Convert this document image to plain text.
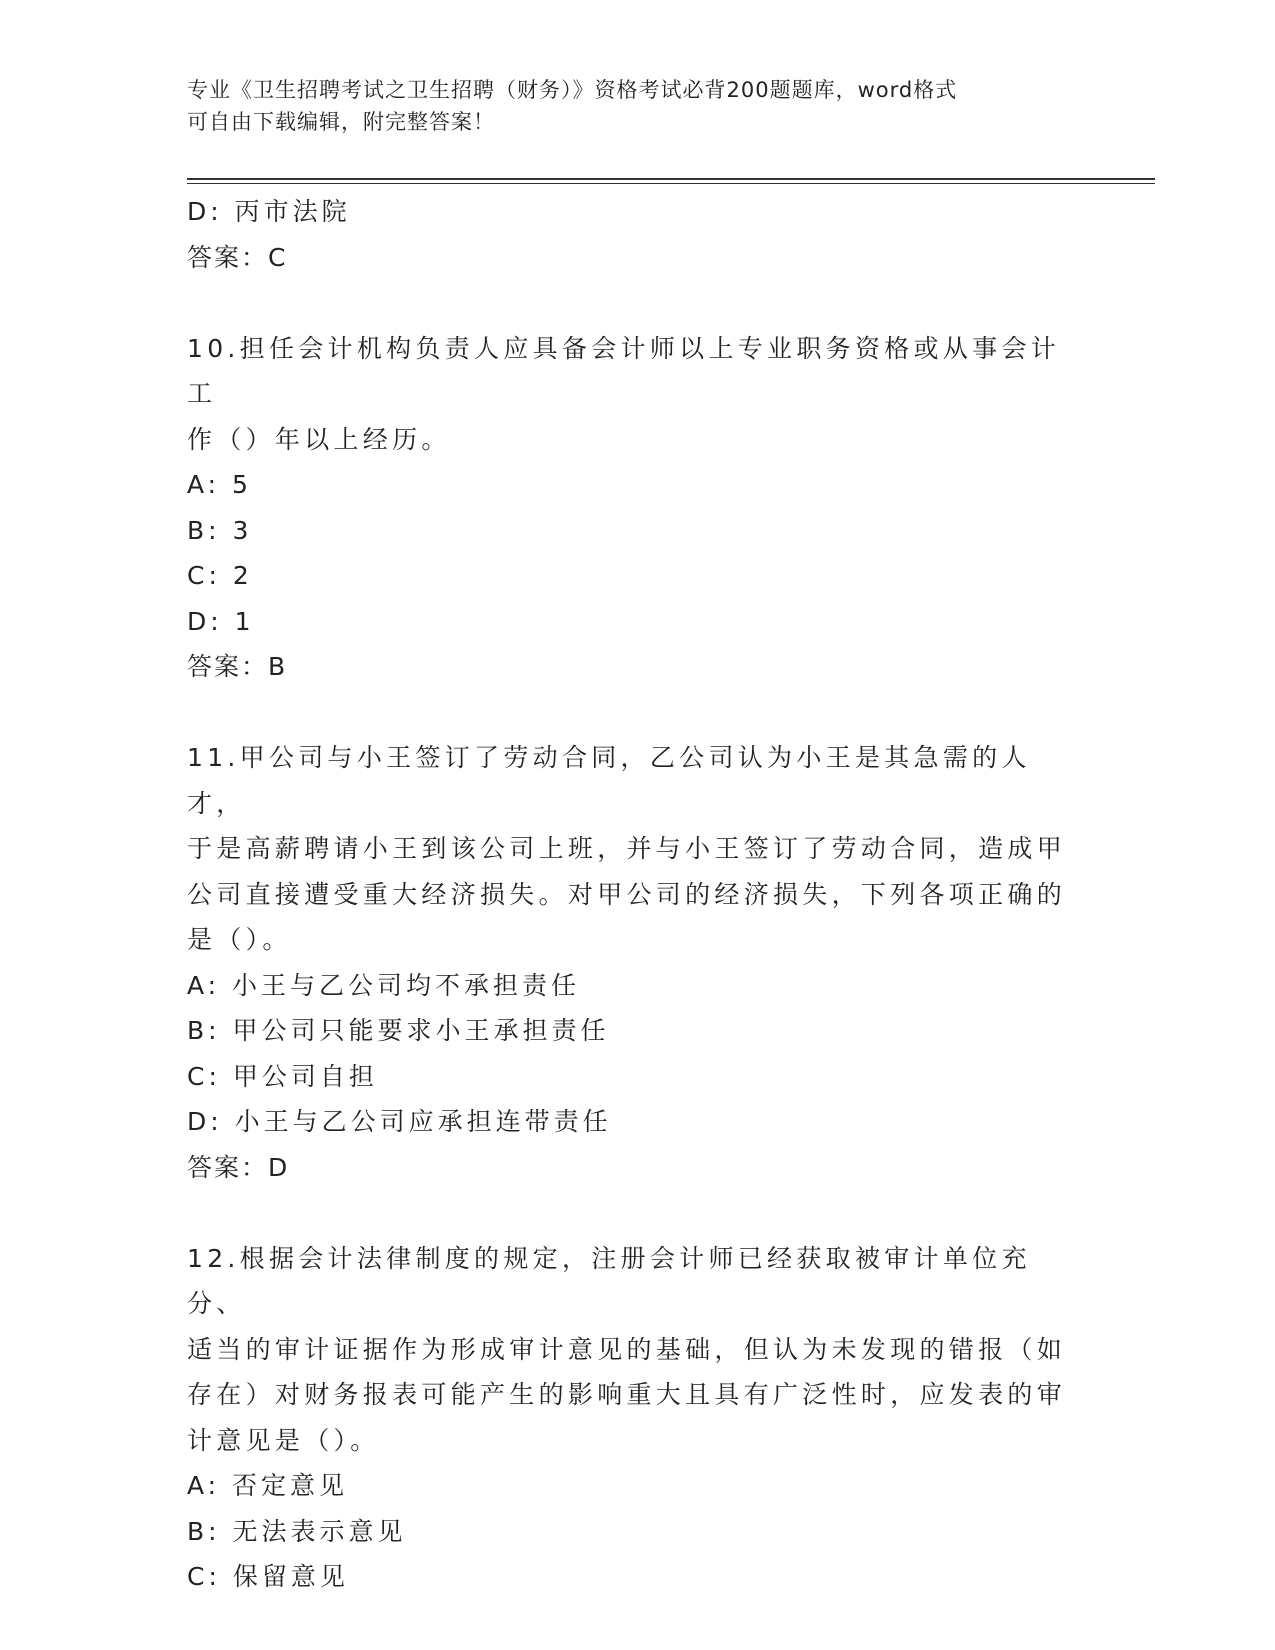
专业《卫生招聘考试之卫生招聘（财务）》资格考试必背200题题库，word格式
可自由下载编辑，附完整答案！
D: 丙市法院
答案：C
10.担任会计机构负责人应具备会计师以上专业职务资格或从事会计工
作（）年以上经历。
A: 5
B: 3
C: 2
D: 1
答案：B
11.甲公司与小王签订了劳动合同，乙公司认为小王是其急需的人才，
于是高薪聘请小王到该公司上班，并与小王签订了劳动合同，造成甲
公司直接遭受重大经济损失。对甲公司的经济损失，下列各项正确的
是（）。
A: 小王与乙公司均不承担责任
B: 甲公司只能要求小王承担责任
C: 甲公司自担
D: 小王与乙公司应承担连带责任
答案：D
12.根据会计法律制度的规定，注册会计师已经获取被审计单位充分、
适当的审计证据作为形成审计意见的基础，但认为未发现的错报（如
存在）对财务报表可能产生的影响重大且具有广泛性时，应发表的审
计意见是（）。
A: 否定意见
B: 无法表示意见
C: 保留意见
